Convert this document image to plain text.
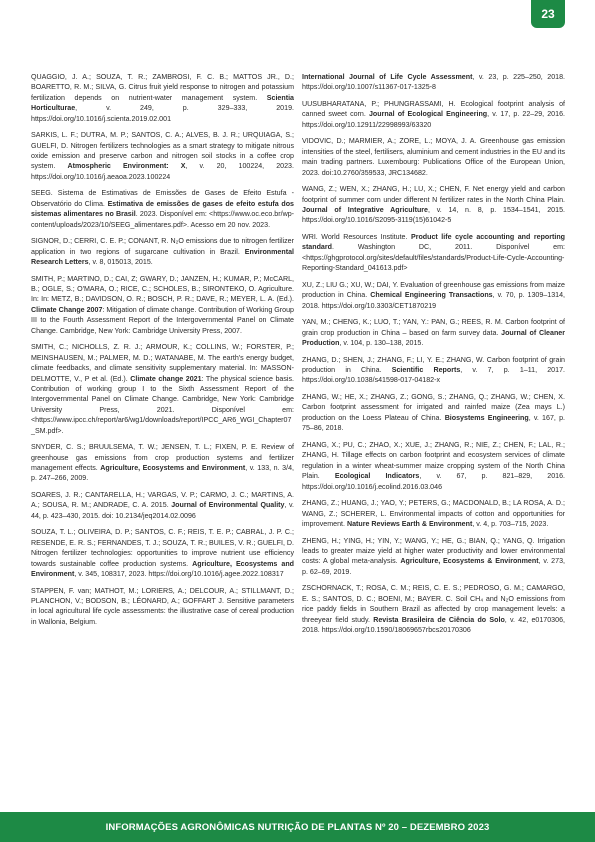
23

QUAGGIO, J. A.; SOUZA, T. R.; ZAMBROSI, F. C. B.; MATTOS JR., D.; BOARETTO, R. M.; SILVA, G. Citrus fruit yield response to nitrogen and potassium fertilization depends on nutrient-water management system. Scientia Horticulturae, v. 249, p. 329–333, 2019. https://doi.org/10.1016/j.scienta.2019.02.001

SARKIS, L. F.; DUTRA, M. P.; SANTOS, C. A.; ALVES, B. J. R.; URQUIAGA, S.; GUELFI, D. Nitrogen fertilizers technologies as a smart strategy to mitigate nitrous oxide emission and preserve carbon and nitrogen soil stocks in a coffee crop system. Atmospheric Environment: X, v. 20, 100224, 2023. https://doi.org/10.1016/j.aeaoa.2023.100224

SEEG. Sistema de Estimativas de Emissões de Gases de Efeito Estufa - Observatório do Clima. Estimativa de emissões de gases de efeito estufa dos sistemas alimentares no Brasil. 2023. Disponível em: <https://www.oc.eco.br/wp-content/uploads/2023/10/SEEG_alimentares.pdf>. Acesso em 20 nov. 2023.

SIGNOR, D.; CERRI, C. E. P.; CONANT, R. N₂O emissions due to nitrogen fertilizer application in two regions of sugarcane cultivation in Brazil. Environmental Research Letters, v. 8, 015013, 2015.

SMITH, P.; MARTINO, D.; CAI, Z; GWARY, D.; JANZEN, H.; KUMAR, P.; McCARL, B.; OGLE, S.; O'MARA, O.; RICE, C.; SCHOLES, B.; SIRONTEKO, O. Agriculture. In: In: METZ, B.; DAVIDSON, O. R.; BOSCH, P. R.; DAVE, R.; MEYER, L. A. (Ed.). Climate Change 2007: Mitigation of climate change. Contribution of Working Group III to the Fourth Assessment Report of the Intergovernmental Panel on Climate Change. Cambridge, New York: Cambridge University Press, 2007.

SMITH, C.; NICHOLLS, Z. R. J.; ARMOUR, K.; COLLINS, W.; FORSTER, P.; MEINSHAUSEN, M.; PALMER, M. D.; WATANABE, M. The earth's energy budget, climate feedbacks, and climate sensitivity supplementary material. In: MASSON-DELMOTTE, V., P et al. (Ed.). Climate change 2021: The physical science basis. Contribution of working group I to the Sixth Assessment Report of the Intergovernmental Panel on Climate Change. Cambridge, New York: Cambridge University Press, 2021. Disponível em: <https://www.ipcc.ch/report/ar6/wg1/downloads/report/IPCC_AR6_WGI_Chapter07_SM.pdf>.

SNYDER, C. S.; BRUULSEMA, T. W.; JENSEN, T. L.; FIXEN, P. E. Review of greenhouse gas emissions from crop production systems and fertilizer management effects. Agriculture, Ecosystems and Environment, v. 133, n. 3/4, p. 247–266, 2009.

SOARES, J. R.; CANTARELLA, H.; VARGAS, V. P.; CARMO, J. C.; MARTINS, A. A.; SOUSA, R. M.; ANDRADE, C. A. 2015. Journal of Environmental Quality, v. 44, p. 423–430, 2015. doi: 10.2134/jeq2014.02.0096

SOUZA, T. L.; OLIVEIRA, D. P.; SANTOS, C. F.; REIS, T. E. P.; CABRAL, J. P. C.; RESENDE, E. R. S.; FERNANDES, T. J.; SOUZA, T. R.; BUILES, V. R.; GUELFI, D. Nitrogen fertilizer technologies: opportunities to improve nutrient use efficiency towards sustainable coffee production systems. Agriculture, Ecosystems and Environment, v. 345, 108317, 2023. https://doi.org/10.1016/j.agee.2022.108317

STAPPEN, F. van; MATHOT, M.; LORIERS, A.; DELCOUR, A.; STILLMANT, D.; PLANCHON, V.; BODSON, B.; LÉONARD, A.; GOFFART J. Sensitive parameters in local agricultural life cycle assessments: the illustrative case of cereal production in Wallonia, Belgium.

International Journal of Life Cycle Assessment, v. 23, p. 225–250, 2018. https://doi.org/10.1007/s11367-017-1325-8

UUSUBHARATANA, P.; PHUNGRASSAMI, H. Ecological footprint analysis of canned sweet corn. Journal of Ecological Engineering, v. 17, p. 22–29, 2016. https://doi.org/10.12911/22998993/63320

VIDOVIC, D.; MARMIER, A.; ZORE, L.; MOYA, J. A. Greenhouse gas emission intensities of the steel, fertilisers, aluminium and cement industries in the EU and its main trading partners. Luxembourg: Publications Office of the European Union, 2023. doi:10.2760/359533, JRC134682.

WANG, Z.; WEN, X.; ZHANG, H.; LU, X.; CHEN, F. Net energy yield and carbon footprint of summer corn under different N fertilizer rates in the North China Plain. Journal of Integrative Agriculture, v. 14, n. 8, p. 1534–1541, 2015. https://doi.org/10.1016/S2095-3119(15)61042-5

WRI. World Resources Institute. Product life cycle accounting and reporting standard. Washington DC, 2011. Disponível em: <https://ghgprotocol.org/sites/default/files/standards/Product-Life-Cycle-Accounting-Reporting-Standard_041613.pdf>

XU, Z.; LIU G.; XU, W.; DAI, Y. Evaluation of greenhouse gas emissions from maize production in China. Chemical Engineering Transactions, v. 70, p. 1309–1314, 2018. https://doi.org/10.3303/CET1870219

YAN, M.; CHENG, K.; LUO, T.; YAN, Y.: PAN, G.; REES, R. M. Carbon footprint of grain crop production in China – based on farm survey data. Journal of Cleaner Production, v. 104, p. 130–138, 2015.

ZHANG, D.; SHEN, J.; ZHANG, F.; LI, Y. E.; ZHANG, W. Carbon footprint of grain production in China. Scientific Reports, v. 7, p. 1–11, 2017. https://doi.org/10.1038/s41598-017-04182-x

ZHANG, W.; HE, X.; ZHANG, Z.; GONG, S.; ZHANG, Q.; ZHANG, W.; CHEN, X. Carbon footprint assessment for irrigated and rainfed maize (Zea mays L.) production on the Loess Plateau of China. Biosystems Engineering, v. 167, p. 75–86, 2018.

ZHANG, X.; PU, C.; ZHAO, X.; XUE, J.; ZHANG, R.; NIE, Z.; CHEN, F.; LAL, R.; ZHANG, H. Tillage effects on carbon footprint and ecosystem services of climate regulation in a winter wheat-summer maize cropping system of the North China Plain. Ecological Indicators, v. 67, p. 821–829, 2016. https://doi.org/10.1016/j.ecolind.2016.03.046

ZHANG, Z.; HUANG, J.; YAO, Y.; PETERS, G.; MACDONALD, B.; LA ROSA, A. D.; WANG, Z.; SCHERER, L. Environmental impacts of cotton and opportunities for improvement. Nature Reviews Earth & Environment, v. 4, p. 703–715, 2023.

ZHENG, H.; YING, H.; YIN, Y.; WANG, Y.; HE, G.; BIAN, Q.; YANG, Q. Irrigation leads to greater maize yield at higher water productivity and lower environmental costs: A global meta-analysis. Agriculture, Ecosystems & Environment, v. 273, p. 62–69, 2019.

ZSCHORNACK, T.; ROSA, C. M.; REIS, C. E. S.; PEDROSO, G. M.; CAMARGO, E. S.; SANTOS, D. C.; BOENI, M.; BAYER. C. Soil CH₄ and N₂O emissions from rice paddy fields in Southern Brazil as affected by crop management levels: a threeyear field study. Revista Brasileira de Ciência do Solo, v. 42, e0170306, 2018. https://doi.org/10.1590/18069657rbcs20170306

INFORMAÇÕES AGRONÔMICAS NUTRIÇÃO DE PLANTAS Nº 20 – DEZEMBRO 2023
